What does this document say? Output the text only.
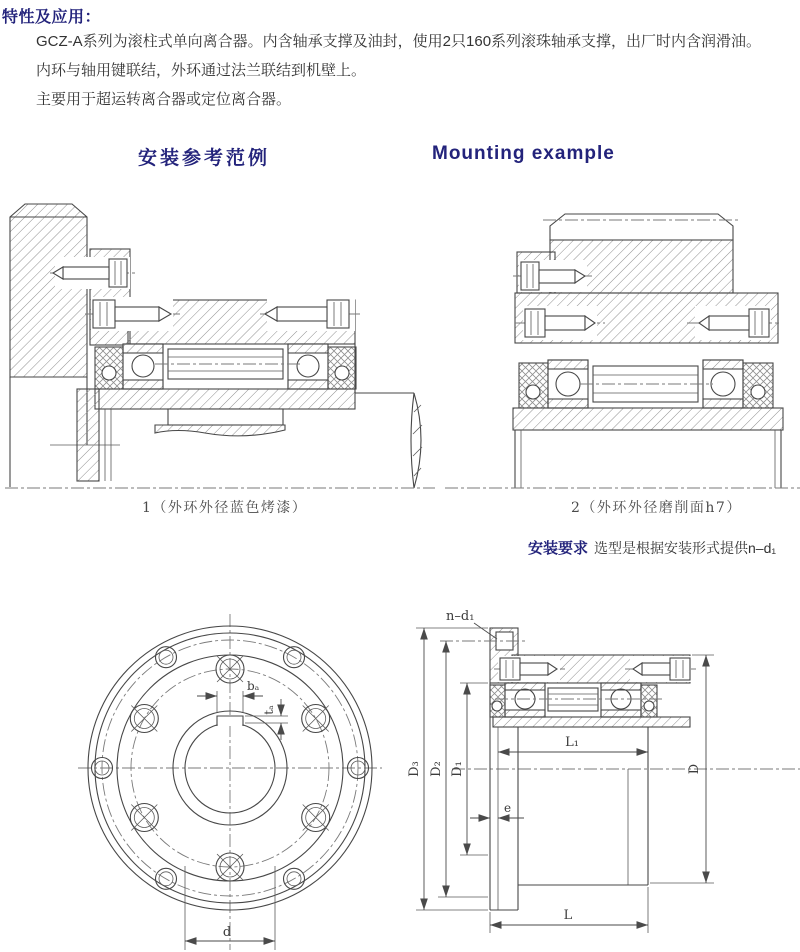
特性及应用：
GCZ-A系列为滚柱式单向离合器。内含轴承支撑及油封，使用2只160系列滚珠轴承支撑，出厂时内含润滑油。
内环与轴用键联结，外环通过法兰联结到机壁上。
主要用于超运转离合器或定位离合器。
安装参考范例	Mounting example
1（外环外径蓝色烤漆）	2（外环外径磨削面h7）
安装要求 选型是根据安装形式提供n–d₁
bₐ
tₐ
d
n–d₁
D₃ D₂ D₁	D
L₁
e
L
